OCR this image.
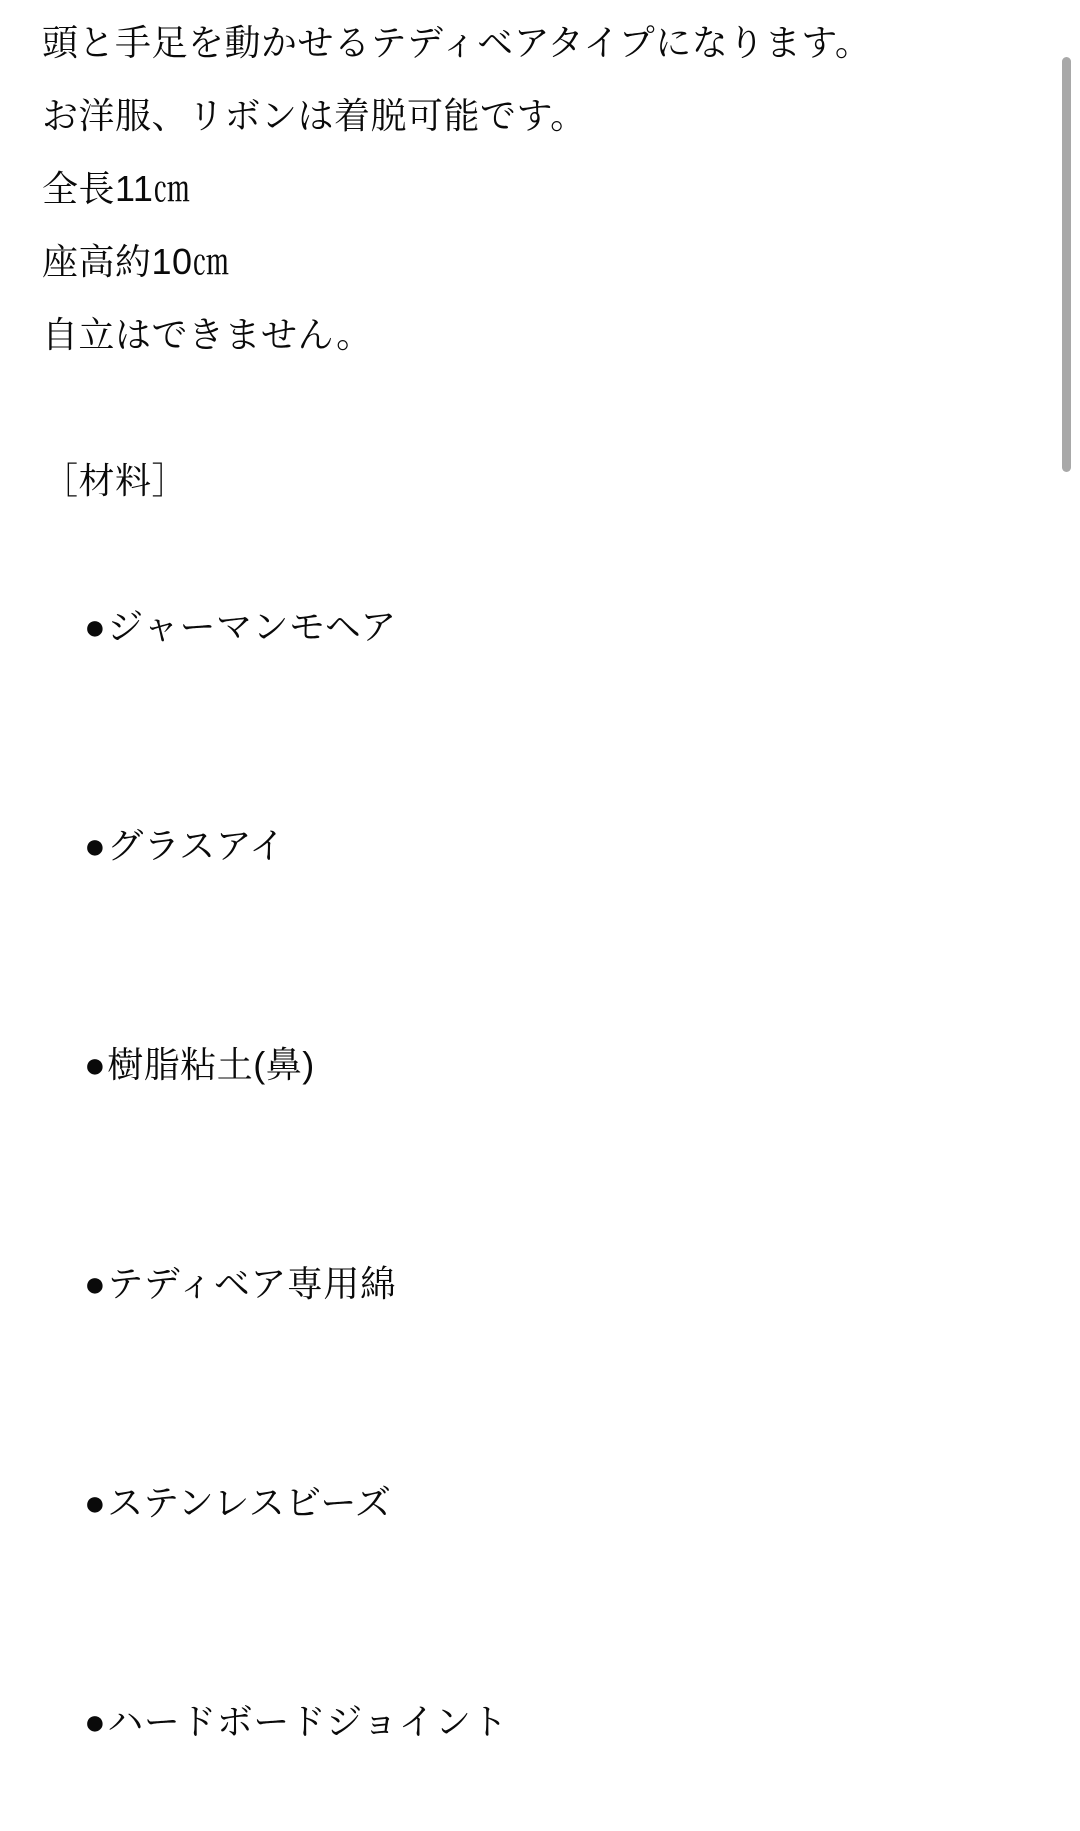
頭と手足を動かせるテディベアタイプになります。
お洋服、リボンは着脱可能です。
全長11㎝
座高約10㎝
自立はできません。
［材料］

●ジャーマンモヘア

●グラスアイ

●樹脂粘土(鼻)

●テディベア専用綿

●ステンレスビーズ

●ハードボードジョイント
